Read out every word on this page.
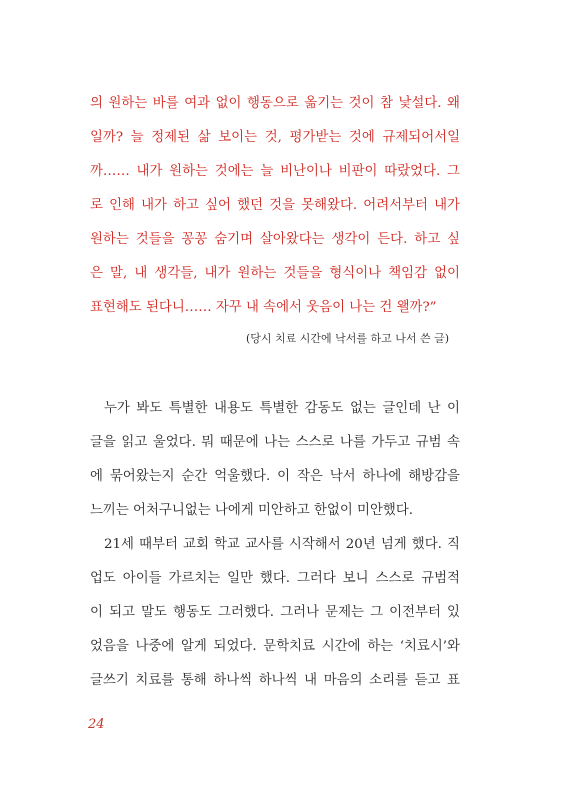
의 원하는 바를 여과 없이 행동으로 옮기는 것이 참 낯설다. 왜
일까? 늘 정제된 삶 보이는 것, 평가받는 것에 규제되어서일
까…… 내가 원하는 것에는 늘 비난이나 비판이 따랐었다. 그
로 인해 내가 하고 싶어 했던 것을 못해왔다. 어려서부터 내가
원하는 것들을 꽁꽁 숨기며 살아왔다는 생각이 든다. 하고 싶
은 말, 내 생각들, 내가 원하는 것들을 형식이나 책임감 없이
표현해도 된다니…… 자꾸 내 속에서 웃음이 나는 건 왤까?”
(당시 치료 시간에 낙서를 하고 나서 쓴 글)
누가 봐도 특별한 내용도 특별한 감동도 없는 글인데 난 이
글을 읽고 울었다. 뭐 때문에 나는 스스로 나를 가두고 규범 속
에 묶어왔는지 순간 억울했다. 이 작은 낙서 하나에 해방감을
느끼는 어처구니없는 나에게 미안하고 한없이 미안했다.
21세 때부터 교회 학교 교사를 시작해서 20년 넘게 했다. 직
업도 아이들 가르치는 일만 했다. 그러다 보니 스스로 규범적
이 되고 말도 행동도 그러했다. 그러나 문제는 그 이전부터 있
었음을 나중에 알게 되었다. 문학치료 시간에 하는 ‘치료시’와
글쓰기 치료를 통해 하나씩 하나씩 내 마음의 소리를 듣고 표
24
